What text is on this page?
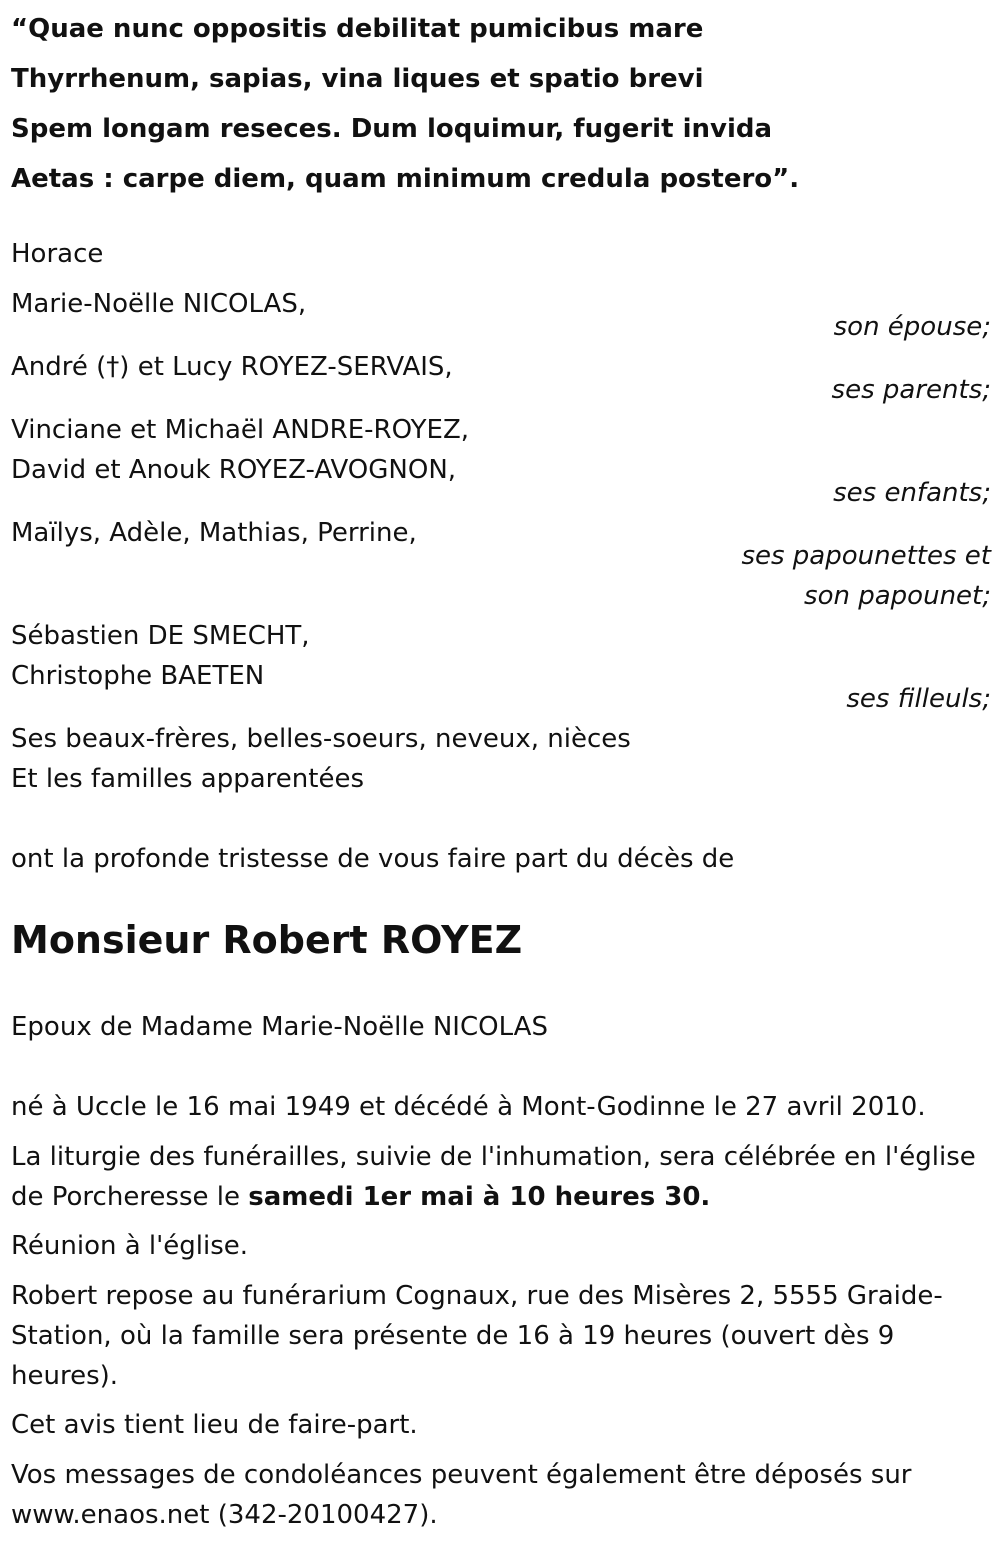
“Quae nunc oppositis debilitat pumicibus mare
Thyrrhenum, sapias, vina liques et spatio brevi
Spem longam reseces. Dum loquimur, fugerit invida
Aetas : carpe diem, quam minimum credula postero”.
Horace
Marie-Noëlle NICOLAS,
son épouse;
André (†) et Lucy ROYEZ-SERVAIS,
ses parents;
Vinciane et Michaël ANDRE-ROYEZ,
David et Anouk ROYEZ-AVOGNON,
ses enfants;
Maïlys, Adèle, Mathias, Perrine,
ses papounettes et
son papounet;
Sébastien DE SMECHT,
Christophe BAETEN
ses filleuls;
Ses beaux-frères, belles-soeurs, neveux, nièces
Et les familles apparentées
ont la profonde tristesse de vous faire part du décès de
Monsieur Robert ROYEZ
Epoux de Madame Marie-Noëlle NICOLAS
né à Uccle le 16 mai 1949 et décédé à Mont-Godinne le 27 avril 2010.
La liturgie des funérailles, suivie de l'inhumation, sera célébrée en l'église de Porcheresse le samedi 1er mai à 10 heures 30.
Réunion à l'église.
Robert repose au funérarium Cognaux, rue des Misères 2, 5555 Graide-Station, où la famille sera présente de 16 à 19 heures (ouvert dès 9 heures).
Cet avis tient lieu de faire-part.
Vos messages de condoléances peuvent également être déposés sur www.enaos.net (342-20100427).
